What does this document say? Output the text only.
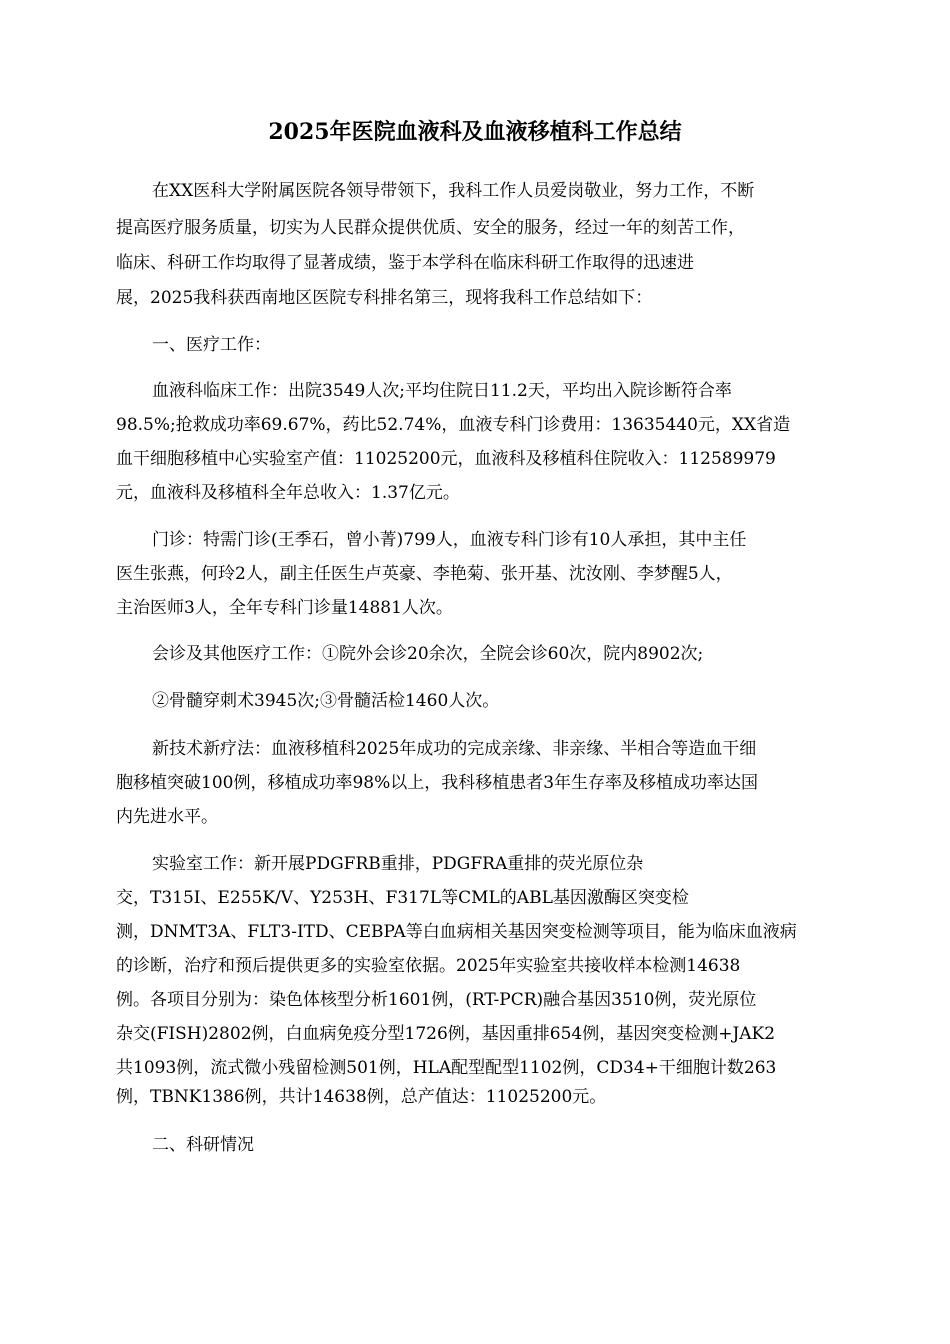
2025年医院血液科及血液移植科工作总结

在XX医科大学附属医院各领导带领下，我科工作人员爱岗敬业，努力工作，不断

提高医疗服务质量，切实为人民群众提供优质、安全的服务，经过一年的刻苦工作，

临床、科研工作均取得了显著成绩，鉴于本学科在临床科研工作取得的迅速进

展，2025我科获西南地区医院专科排名第三，现将我科工作总结如下：

一、医疗工作：

血液科临床工作：出院3549人次;平均住院日11.2天，平均出入院诊断符合率

98.5%;抢救成功率69.67%，药比52.74%，血液专科门诊费用：13635440元，XX省造

血干细胞移植中心实验室产值：11025200元，血液科及移植科住院收入：112589979

元，血液科及移植科全年总收入：1.37亿元。

门诊：特需门诊(王季石，曾小菁)799人，血液专科门诊有10人承担，其中主任

医生张燕，何玲2人，副主任医生卢英豪、李艳菊、张开基、沈汝刚、李梦醒5人，

主治医师3人，全年专科门诊量14881人次。

会诊及其他医疗工作：①院外会诊20余次，全院会诊60次，院内8902次;

②骨髓穿刺术3945次;③骨髓活检1460人次。

新技术新疗法：血液移植科2025年成功的完成亲缘、非亲缘、半相合等造血干细

胞移植突破100例，移植成功率98%以上，我科移植患者3年生存率及移植成功率达国

内先进水平。

实验室工作：新开展PDGFRB重排，PDGFRA重排的荧光原位杂

交，T315I、E255K/V、Y253H、F317L等CML的ABL基因激酶区突变检

测，DNMT3A、FLT3-ITD、CEBPA等白血病相关基因突变检测等项目，能为临床血液病

的诊断，治疗和预后提供更多的实验室依据。2025年实验室共接收样本检测14638

例。各项目分别为：染色体核型分析1601例，(RT-PCR)融合基因3510例，荧光原位

杂交(FISH)2802例，白血病免疫分型1726例，基因重排654例，基因突变检测+JAK2

共1093例，流式微小残留检测501例，HLA配型配型1102例，CD34+干细胞计数263

例，TBNK1386例，共计14638例，总产值达：11025200元。

二、科研情况
